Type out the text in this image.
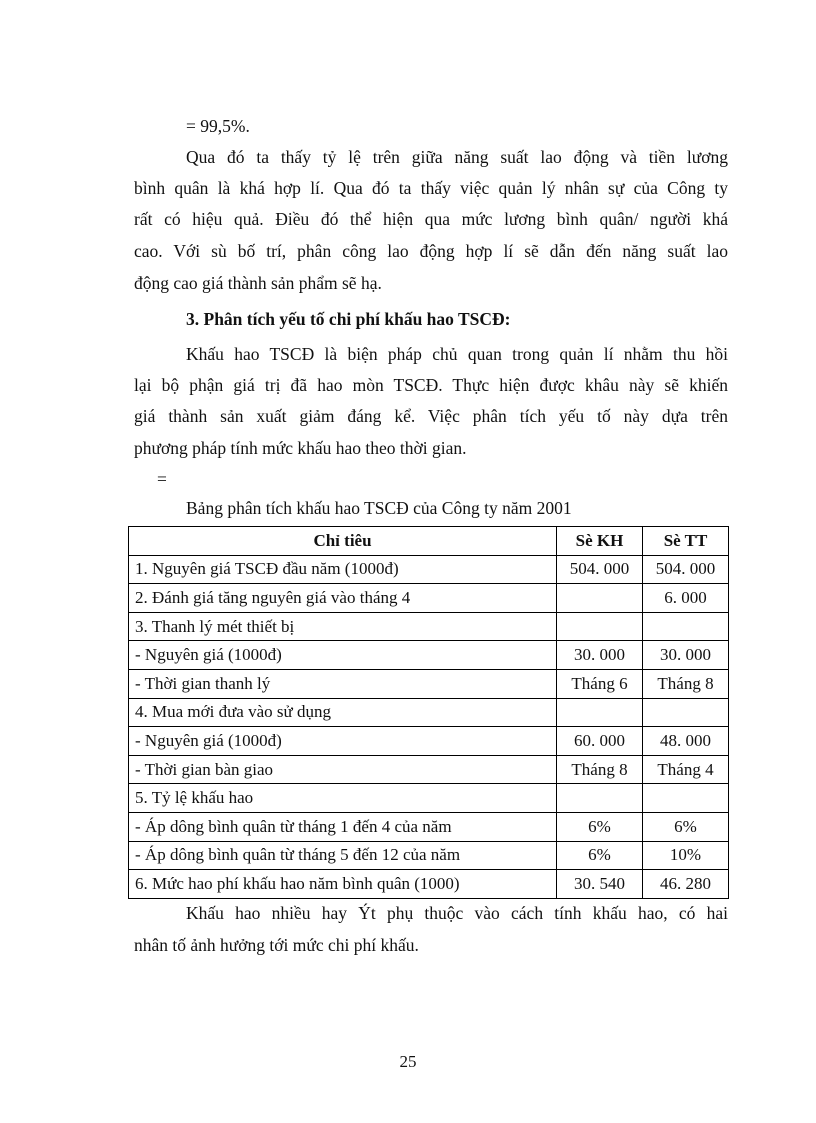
= 99,5%.
Qua đó ta thấy tỷ lệ trên giữa năng suất lao động và tiền lương
bình quân là khá hợp lí. Qua đó ta thấy việc quản lý nhân sự của Công ty
rất có hiệu quả. Điều đó thể hiện qua mức lương bình quân/ người khá
cao. Với sù bố trí, phân công lao động hợp lí sẽ dẫn đến năng suất lao
động cao giá thành sản phẩm sẽ hạ.
3. Phân tích yếu tố chi phí khấu hao TSCĐ:
Khấu hao TSCĐ là biện pháp chủ quan trong quản lí nhằm thu hồi
lại bộ phận giá trị đã hao mòn TSCĐ. Thực hiện được khâu này sẽ khiến
giá thành sản xuất giảm đáng kể. Việc phân tích yếu tố này dựa trên
phương pháp tính mức khấu hao theo thời gian.
=
Bảng phân tích khấu hao TSCĐ của Công ty năm 2001
Chỉ tiêu	Sè KH	Sè TT
1. Nguyên giá TSCĐ đầu năm (1000đ)	504. 000	504. 000
2. Đánh giá tăng nguyên giá vào tháng 4		6. 000
3. Thanh lý mét thiết bị		
- Nguyên giá (1000đ)	30. 000	30. 000
- Thời gian thanh lý	Tháng 6	Tháng 8
4. Mua mới đưa vào sử dụng		
- Nguyên giá (1000đ)	60. 000	48. 000
- Thời gian bàn giao	Tháng 8	Tháng 4
5. Tỷ lệ khấu hao		
- Áp dông bình quân từ tháng 1 đến 4 của năm	6%	6%
- Áp dông bình quân từ tháng 5 đến 12 của năm	6%	10%
6. Mức hao phí khấu hao năm bình quân (1000)	30. 540	46. 280
Khấu hao nhiều hay Ýt phụ thuộc vào cách tính khấu hao, có hai
nhân tố ảnh hưởng tới mức chi phí khấu.
25
